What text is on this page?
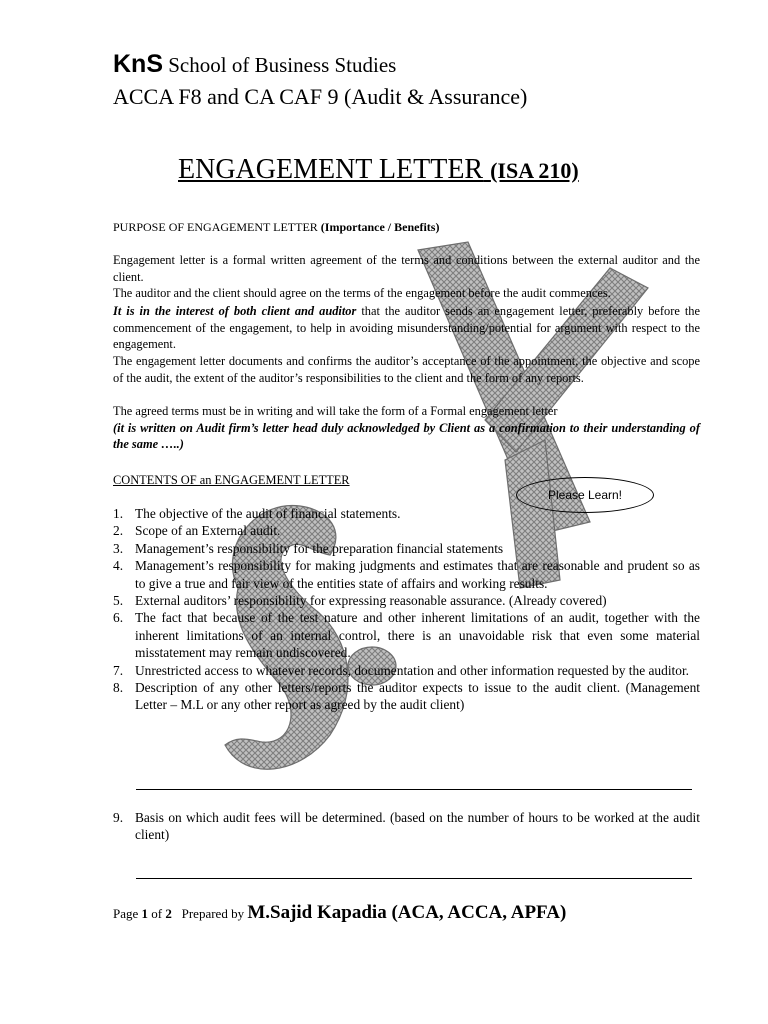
KnS School of Business Studies
ACCA F8 and CA CAF 9 (Audit & Assurance)
ENGAGEMENT LETTER (ISA 210)
PURPOSE OF ENGAGEMENT LETTER (Importance / Benefits)
Engagement letter is a formal written agreement of the terms and conditions between the external auditor and the client.
The auditor and the client should agree on the terms of the engagement before the audit commences.
It is in the interest of both client and auditor that the auditor sends an engagement letter, preferably before the commencement of the engagement, to help in avoiding misunderstanding/potential for argument with respect to the engagement.
The engagement letter documents and confirms the auditor’s acceptance of the appointment, the objective and scope of the audit, the extent of the auditor’s responsibilities to the client and the form of any reports.
The agreed terms must be in writing and will take the form of a Formal engagement letter
(it is written on Audit firm’s letter head duly acknowledged by Client as a confirmation to their understanding of the same …..)
CONTENTS OF an ENGAGEMENT LETTER
Please Learn!
1. The objective of the audit of financial statements.
2. Scope of an External audit.
3. Management’s responsibility for the preparation financial statements
4. Management’s responsibility for making judgments and estimates that are reasonable and prudent so as to give a true and fair view of the entities state of affairs and working results.
5. External auditors’ responsibility for expressing reasonable assurance. (Already covered)
6. The fact that because of the test nature and other inherent limitations of an audit, together with the inherent limitations of an internal control, there is an unavoidable risk that even some material misstatement may remain undiscovered.
7. Unrestricted access to whatever records, documentation and other information requested by the auditor.
8. Description of any other letters/reports the auditor expects to issue to the audit client. (Management Letter – M.L or any other report as agreed by the audit client)
9. Basis on which audit fees will be determined. (based on the number of hours to be worked at the audit client)
Page 1 of 2   Prepared by M.Sajid Kapadia (ACA, ACCA, APFA)
